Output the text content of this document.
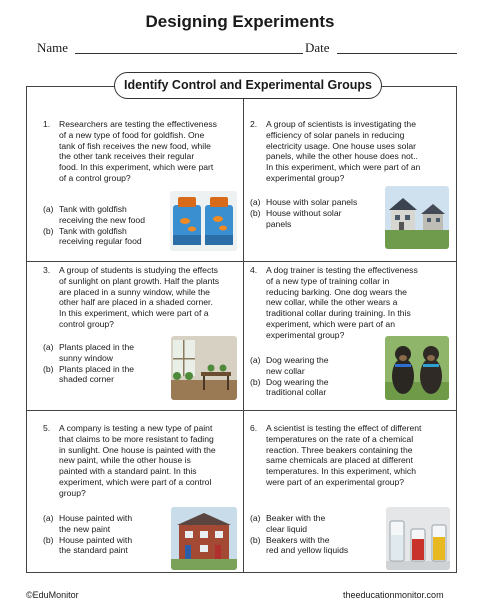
Designing Experiments
Name	Date
Identify Control and Experimental Groups
1. Researchers are testing the effectiveness
of a new type of food for goldfish. One
tank of fish receives the new food, while
the other tank receives their regular
food. In this experiment, which were part
of a control group?
(a) Tank with goldfish
receiving the new food
(b) Tank with goldfish
receiving regular food
2. A group of scientists is investigating the
efficiency of solar panels in reducing
electricity usage. One house uses solar
panels, while the other house does not..
In this experiment, which were part of an
experimental group?
(a) House with solar panels
(b) House without solar
panels
3. A group of students is studying the effects
of sunlight on plant growth. Half the plants
are placed in a sunny window, while the
other half are placed in a shaded corner.
In this experiment, which were part of a
control group?
(a) Plants placed in the
sunny window
(b) Plants placed in the
shaded corner
4. A dog trainer is testing the effectiveness
of a new type of training collar in
reducing barking. One dog wears the
new collar, while the other wears a
traditional collar during training. In this
experiment, which were part of an
experimental group?
(a) Dog wearing the
new collar
(b) Dog wearing the
traditional collar
5. A company is testing a new type of paint
that claims to be more resistant to fading
in sunlight. One house is painted with the
new paint, while the other house is
painted with a standard paint. In this
experiment, which were part of a control
group?
(a) House painted with
the new paint
(b) House painted with
the standard paint
6. A scientist is testing the effect of different
temperatures on the rate of a chemical
reaction. Three beakers containing the
same chemicals are placed at different
temperatures. In this experiment, which
were part of an experimental group?
(a) Beaker with the
clear liquid
(b) Beakers with the
red and yellow liquids
©EduMonitor	theeducationmonitor.com
